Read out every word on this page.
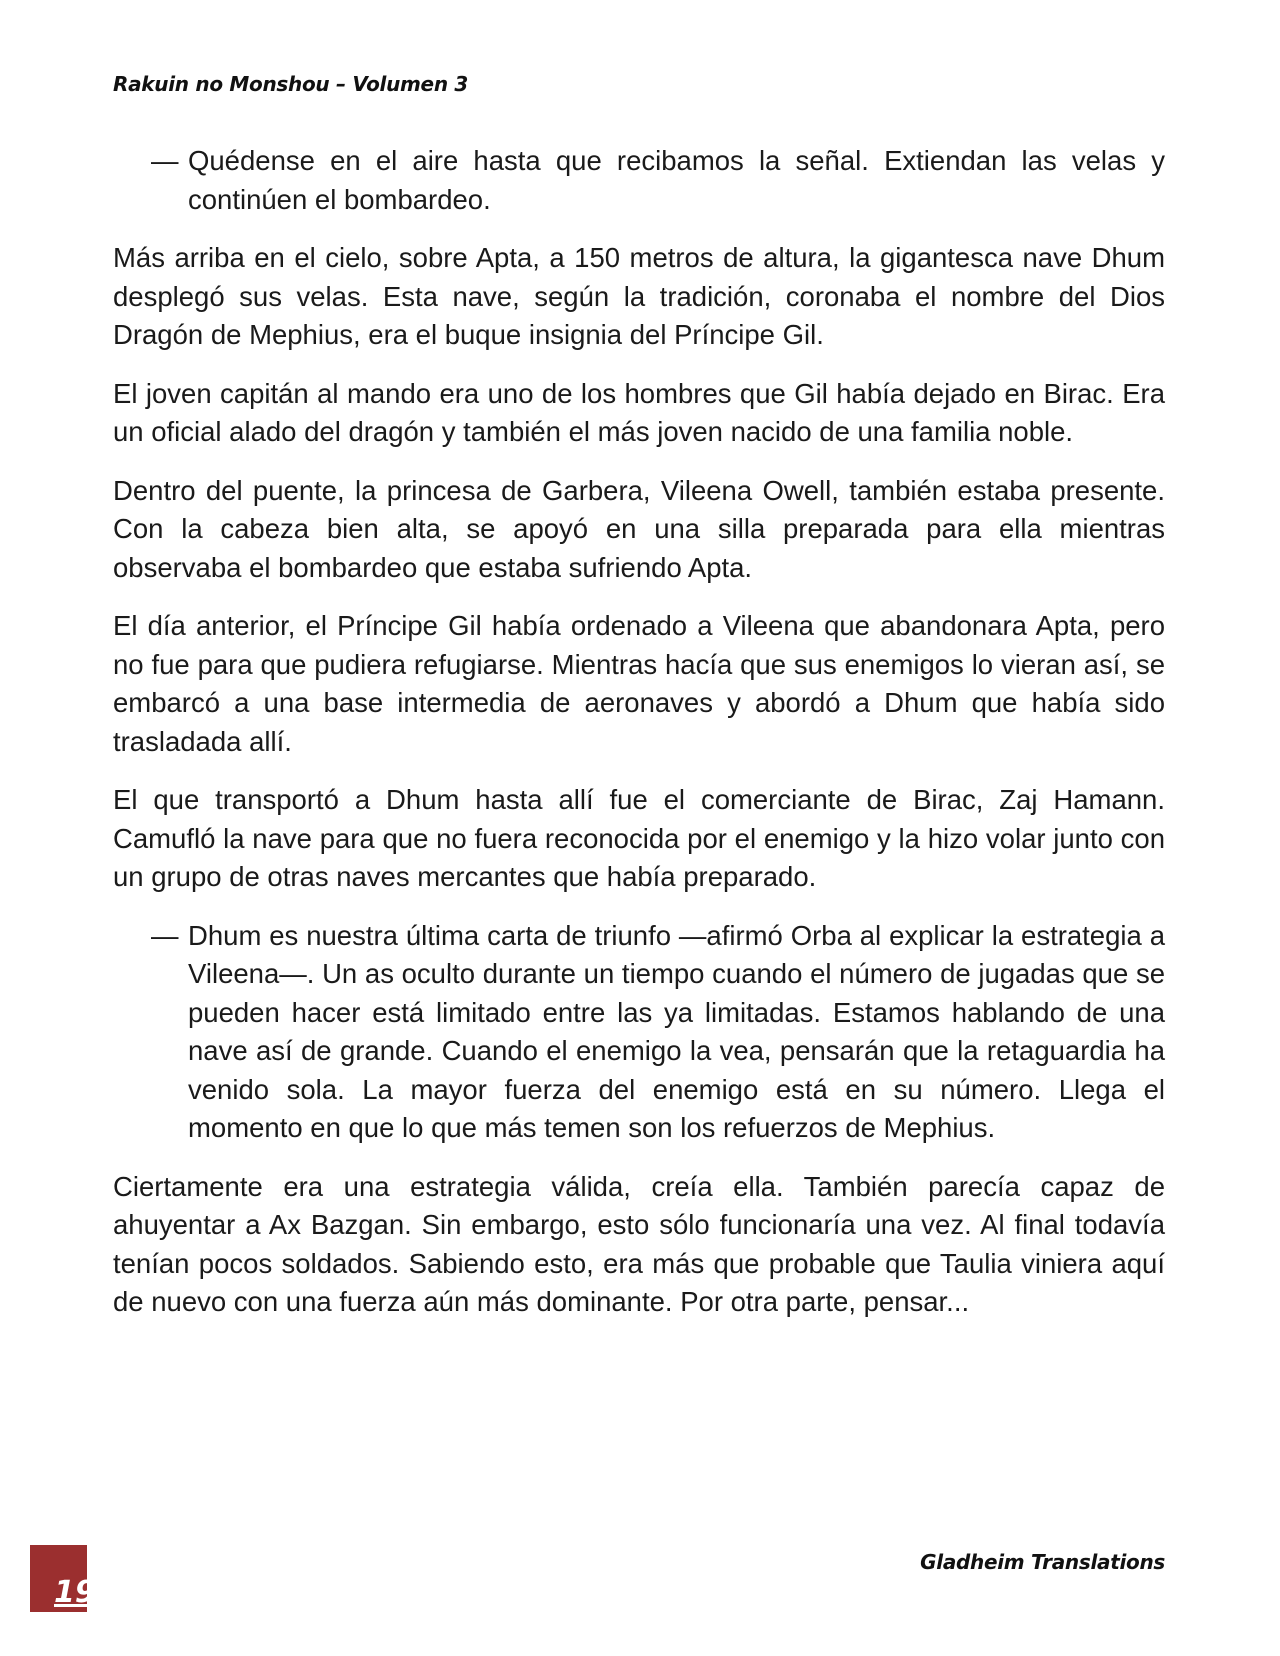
Rakuin no Monshou – Volumen 3

— Quédense en el aire hasta que recibamos la señal. Extiendan las velas y continúen el bombardeo.

Más arriba en el cielo, sobre Apta, a 150 metros de altura, la gigantesca nave Dhum desplegó sus velas. Esta nave, según la tradición, coronaba el nombre del Dios Dragón de Mephius, era el buque insignia del Príncipe Gil.

El joven capitán al mando era uno de los hombres que Gil había dejado en Birac. Era un oficial alado del dragón y también el más joven nacido de una familia noble.

Dentro del puente, la princesa de Garbera, Vileena Owell, también estaba presente. Con la cabeza bien alta, se apoyó en una silla preparada para ella mientras observaba el bombardeo que estaba sufriendo Apta.

El día anterior, el Príncipe Gil había ordenado a Vileena que abandonara Apta, pero no fue para que pudiera refugiarse. Mientras hacía que sus enemigos lo vieran así, se embarcó a una base intermedia de aeronaves y abordó a Dhum que había sido trasladada allí.

El que transportó a Dhum hasta allí fue el comerciante de Birac, Zaj Hamann. Camufló la nave para que no fuera reconocida por el enemigo y la hizo volar junto con un grupo de otras naves mercantes que había preparado.

— Dhum es nuestra última carta de triunfo —afirmó Orba al explicar la estrategia a Vileena—. Un as oculto durante un tiempo cuando el número de jugadas que se pueden hacer está limitado entre las ya limitadas. Estamos hablando de una nave así de grande. Cuando el enemigo la vea, pensarán que la retaguardia ha venido sola. La mayor fuerza del enemigo está en su número. Llega el momento en que lo que más temen son los refuerzos de Mephius.

Ciertamente era una estrategia válida, creía ella. También parecía capaz de ahuyentar a Ax Bazgan. Sin embargo, esto sólo funcionaría una vez. Al final todavía tenían pocos soldados. Sabiendo esto, era más que probable que Taulia viniera aquí de nuevo con una fuerza aún más dominante. Por otra parte, pensar...

19
Gladheim Translations
